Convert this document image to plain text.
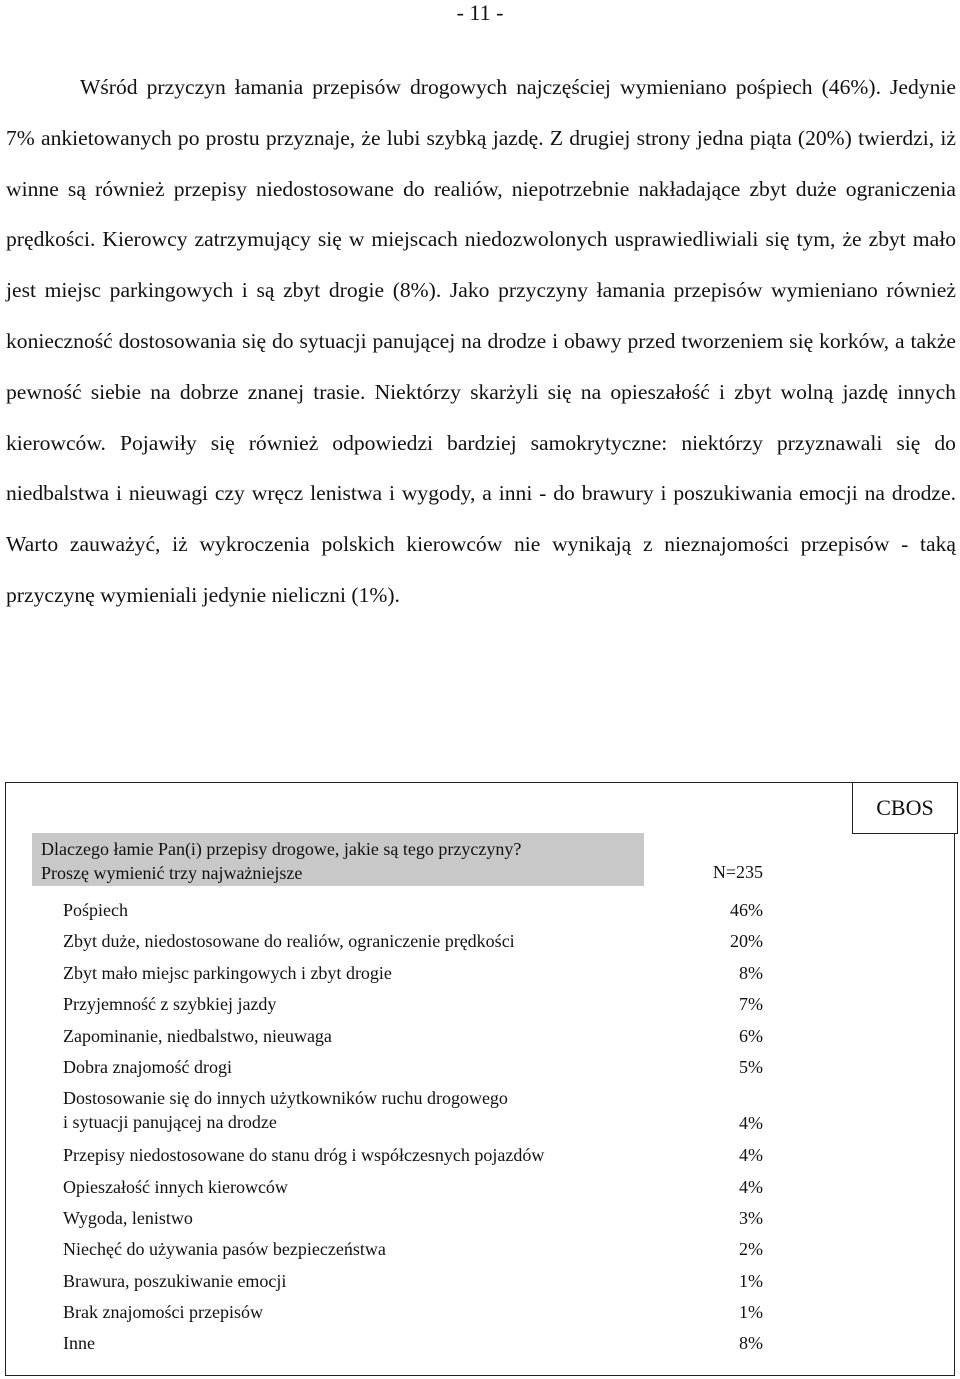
- 11 -

Wśród przyczyn łamania przepisów drogowych najczęściej wymieniano pośpiech (46%). Jedynie 7% ankietowanych po prostu przyznaje, że lubi szybką jazdę. Z drugiej strony jedna piąta (20%) twierdzi, iż winne są również przepisy niedostosowane do realiów, niepotrzebnie nakładające zbyt duże ograniczenia prędkości. Kierowcy zatrzymujący się w miejscach niedozwolonych usprawiedliwiali się tym, że zbyt mało jest miejsc parkingowych i są zbyt drogie (8%). Jako przyczyny łamania przepisów wymieniano również konieczność dostosowania się do sytuacji panującej na drodze i obawy przed tworzeniem się korków, a także pewność siebie na dobrze znanej trasie. Niektórzy skarżyli się na opieszałość i zbyt wolną jazdę innych kierowców. Pojawiły się również odpowiedzi bardziej samokrytyczne: niektórzy przyznawali się do niedbalstwa i nieuwagi czy wręcz lenistwa i wygody, a inni - do brawury i poszukiwania emocji na drodze. Warto zauważyć, iż wykroczenia polskich kierowców nie wynikają z nieznajomości przepisów - taką przyczynę wymieniali jedynie nieliczni (1%).

CBOS
Dlaczego łamie Pan(i) przepisy drogowe, jakie są tego przyczyny?
Proszę wymienić trzy najważniejsze	N=235
Pośpiech	46%
Zbyt duże, niedostosowane do realiów, ograniczenie prędkości	20%
Zbyt mało miejsc parkingowych i zbyt drogie	8%
Przyjemność z szybkiej jazdy	7%
Zapominanie, niedbalstwo, nieuwaga	6%
Dobra znajomość drogi	5%
Dostosowanie się do innych użytkowników ruchu drogowego
i sytuacji panującej na drodze	4%
Przepisy niedostosowane do stanu dróg i współczesnych pojazdów	4%
Opieszałość innych kierowców	4%
Wygoda, lenistwo	3%
Niechęć do używania pasów bezpieczeństwa	2%
Brawura, poszukiwanie emocji	1%
Brak znajomości przepisów	1%
Inne	8%
